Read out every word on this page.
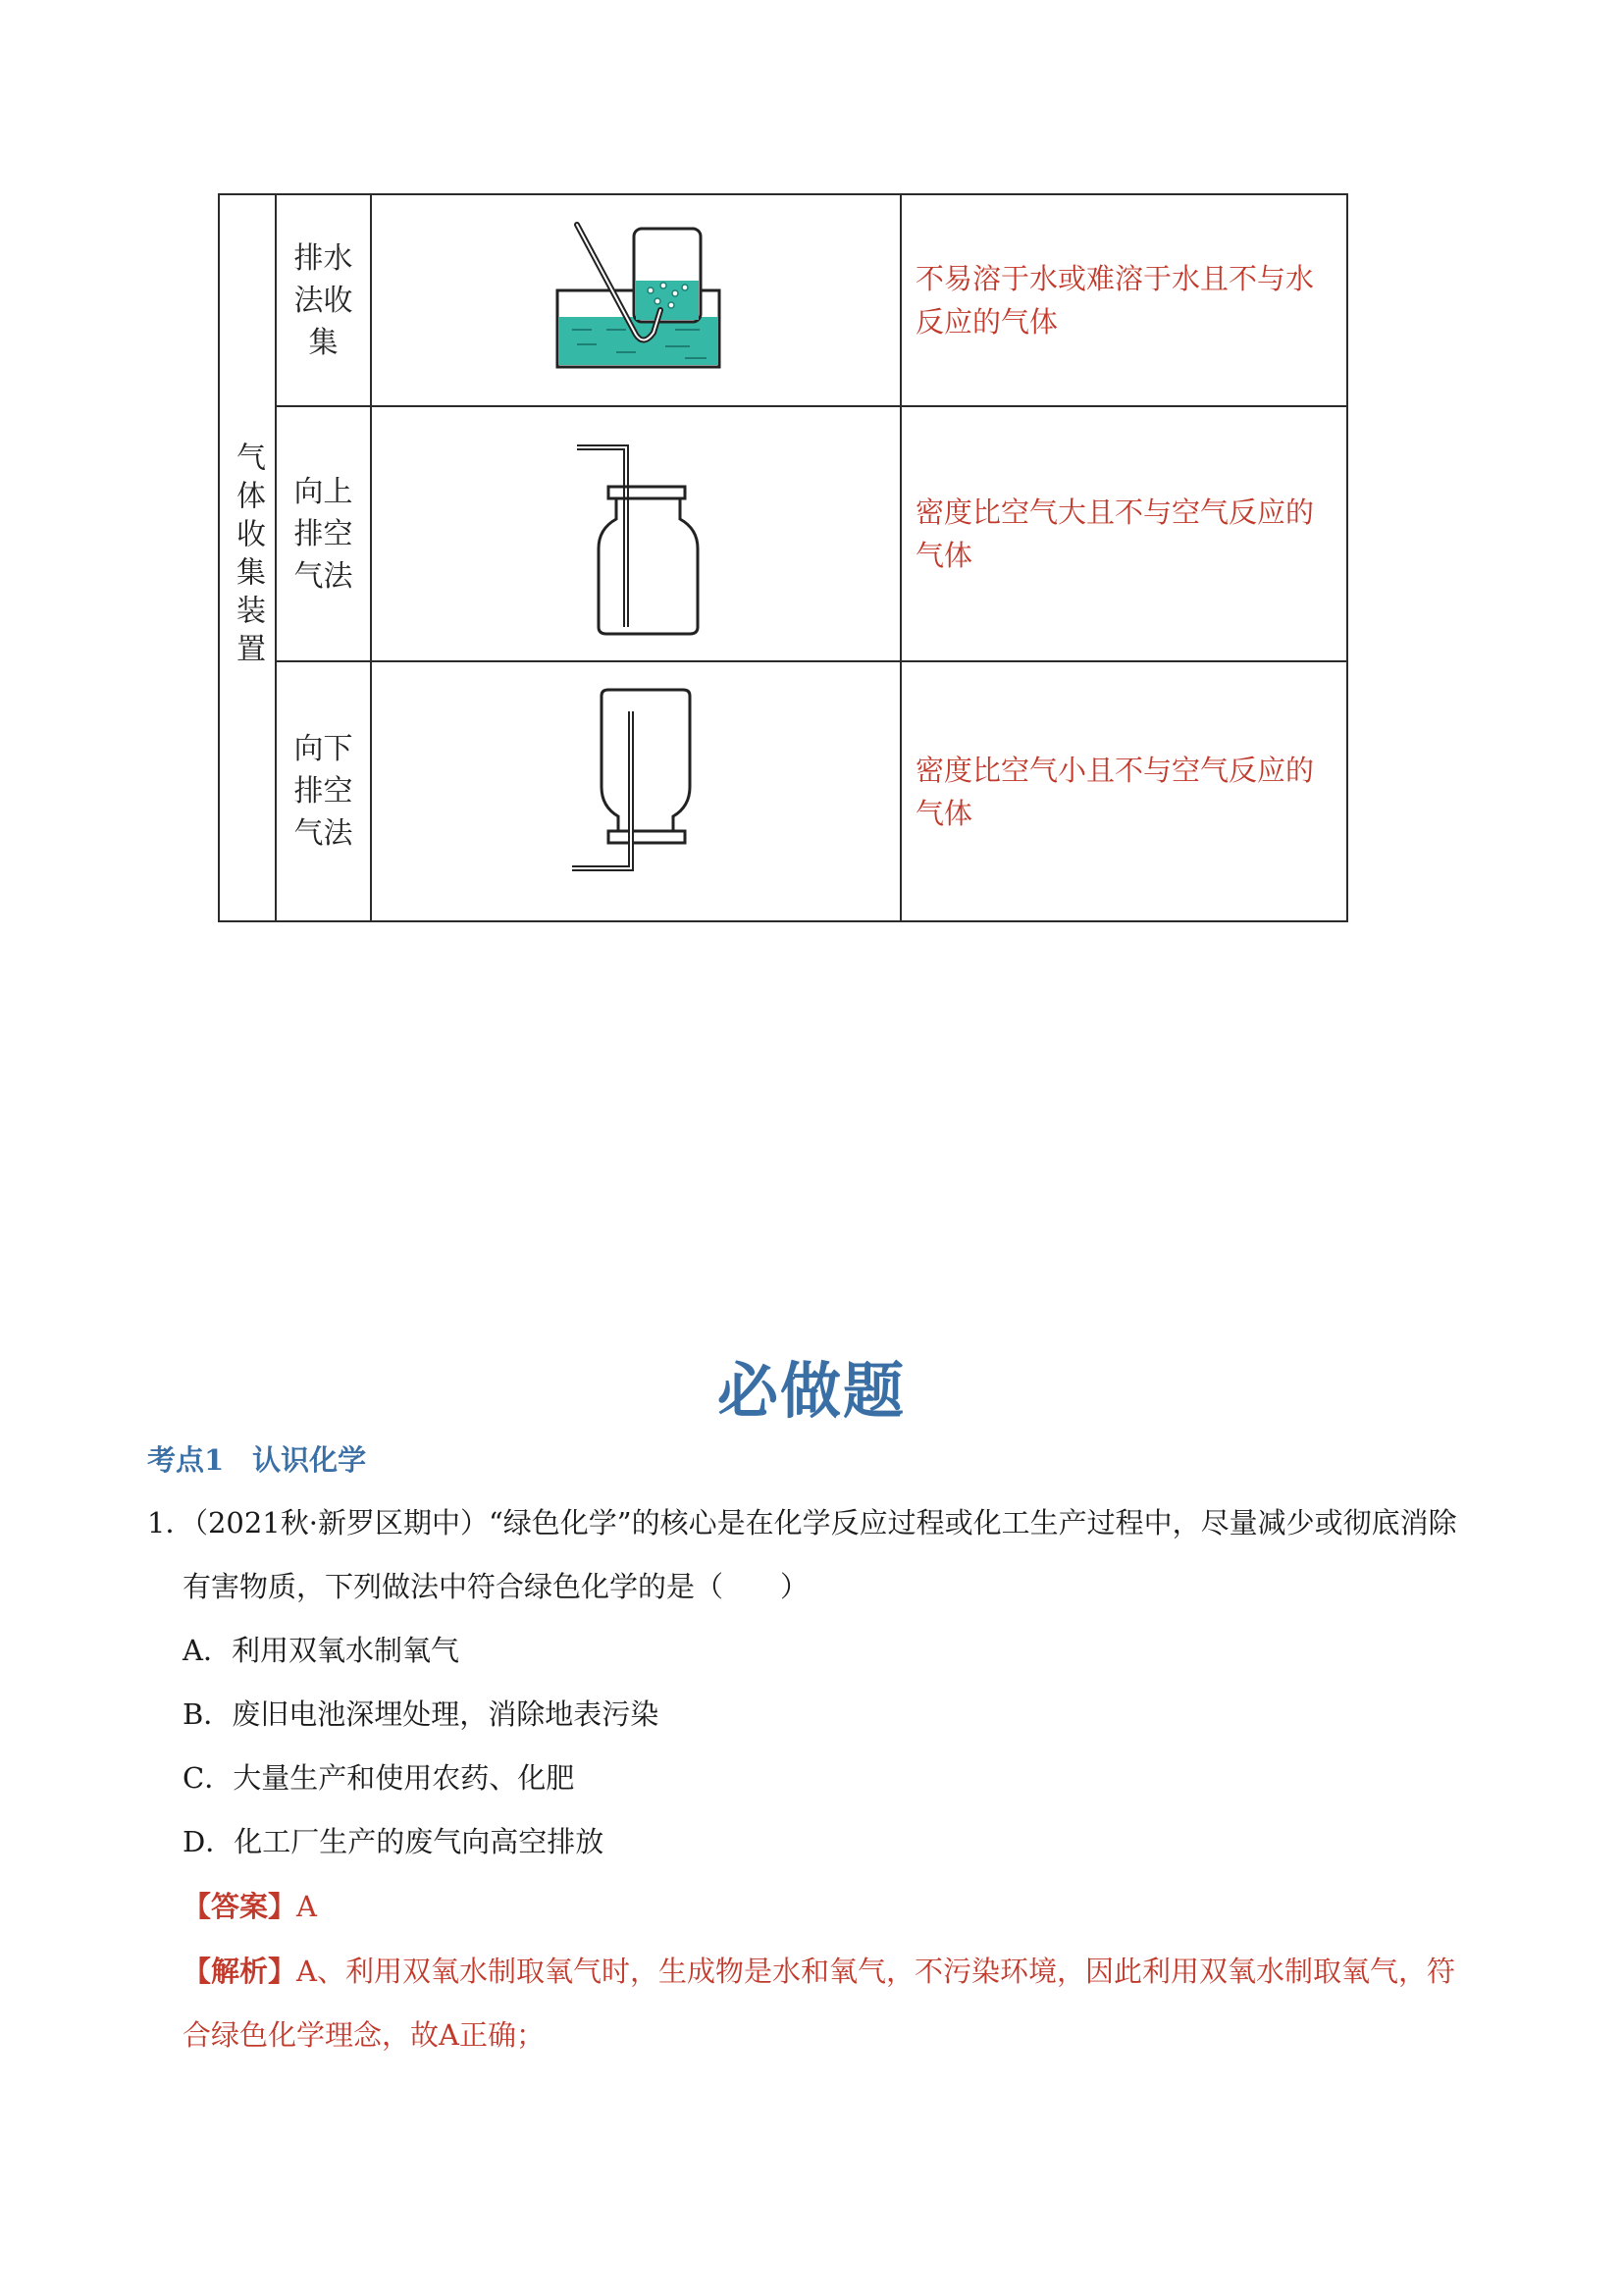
气体收集装置	排水法收集		不易溶于水或难溶于水且不与水反应的气体

	向上排空气法		密度比空气大且不与空气反应的气体

	向下排空气法		密度比空气小且不与空气反应的气体
必做题
考点1　认识化学
1．（2021秋·新罗区期中）“绿色化学”的核心是在化学反应过程或化工生产过程中，尽量减少或彻底消除
有害物质，下列做法中符合绿色化学的是（　　）
A．利用双氧水制氧气
B．废旧电池深埋处理，消除地表污染
C．大量生产和使用农药、化肥
D．化工厂生产的废气向高空排放
【答案】A
【解析】A、利用双氧水制取氧气时，生成物是水和氧气，不污染环境，因此利用双氧水制取氧气，符
合绿色化学理念，故A正确；
